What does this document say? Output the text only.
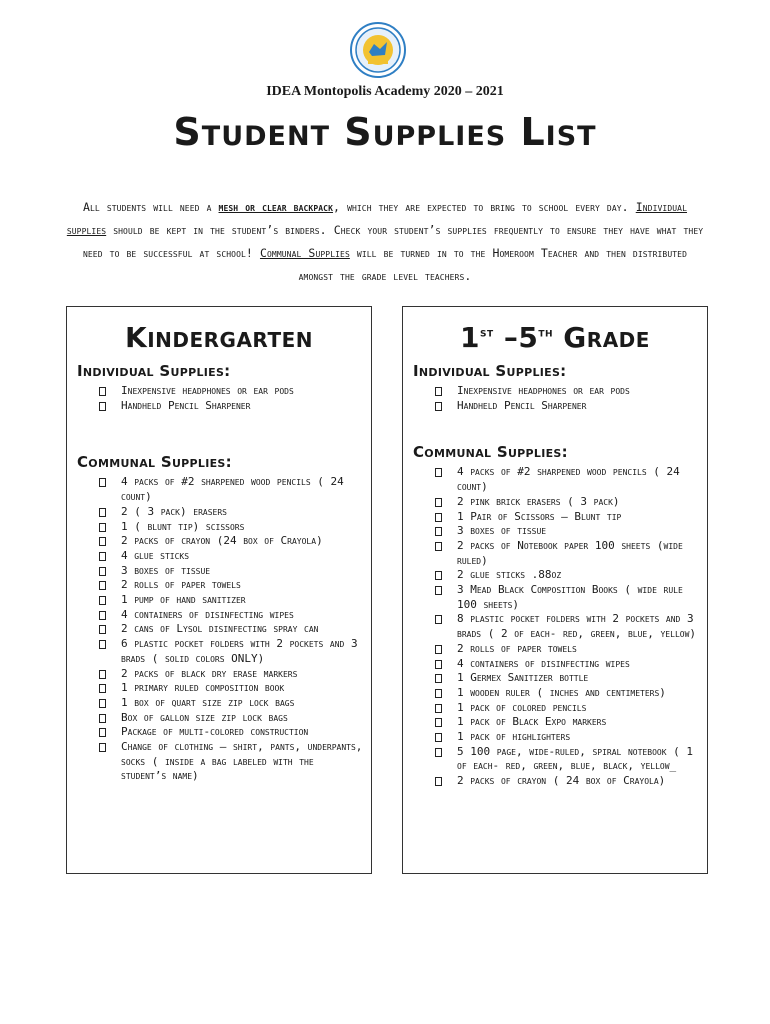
IDEA Montopolis Academy 2020 – 2021
Student Supplies List
All students will need a mesh or clear backpack, which they are expected to bring to school every day. Individual supplies should be kept in the student’s binders. Check your student’s supplies frequently to ensure they have what they need to be successful at school! Communal Supplies will be turned in to the Homeroom Teacher and then distributed amongst the grade level teachers.
Kindergarten
Individual Supplies:
Inexpensive headphones or ear pods
Handheld Pencil Sharpener
Communal Supplies:
4 packs of #2 sharpened wood pencils ( 24 count)
2 ( 3 pack) erasers
1 ( blunt tip) scissors
2 packs of crayon (24 box of Crayola)
4 glue sticks
3 boxes of tissue
2 rolls of paper towels
1 pump of hand sanitizer
4 containers of disinfecting wipes
2 cans of Lysol disinfecting spray can
6 plastic pocket folders with 2 pockets and 3 brads ( solid colors ONLY)
2 packs of black dry erase markers
1 primary ruled composition book
1 box of quart size zip lock bags
Box of gallon size zip lock bags
Package of multi-colored construction
Change of clothing – shirt, pants, underpants, socks ( inside a bag labeled with the student’s name)
1st –5th Grade
Individual Supplies:
Inexpensive headphones or ear pods
Handheld Pencil Sharpener
Communal Supplies:
4 packs of #2 sharpened wood pencils ( 24 count)
2 pink brick erasers ( 3 pack)
1 Pair of Scissors – Blunt tip
3 boxes of tissue
2 packs of Notebook paper 100 sheets (wide ruled)
2 glue sticks .88oz
3 Mead Black Composition Books ( wide rule 100 sheets)
8 plastic pocket folders with 2 pockets and 3 brads ( 2 of each- red, green, blue, yellow)
2 rolls of paper towels
4 containers of disinfecting wipes
1 Germex Sanitizer bottle
1 wooden ruler ( inches and centimeters)
1 pack of colored pencils
1 pack of Black Expo markers
1 pack of highlighters
5 100 page, wide-ruled, spiral notebook ( 1 of each- red, green, blue, black, yellow_
2 packs of crayon ( 24 box of Crayola)
